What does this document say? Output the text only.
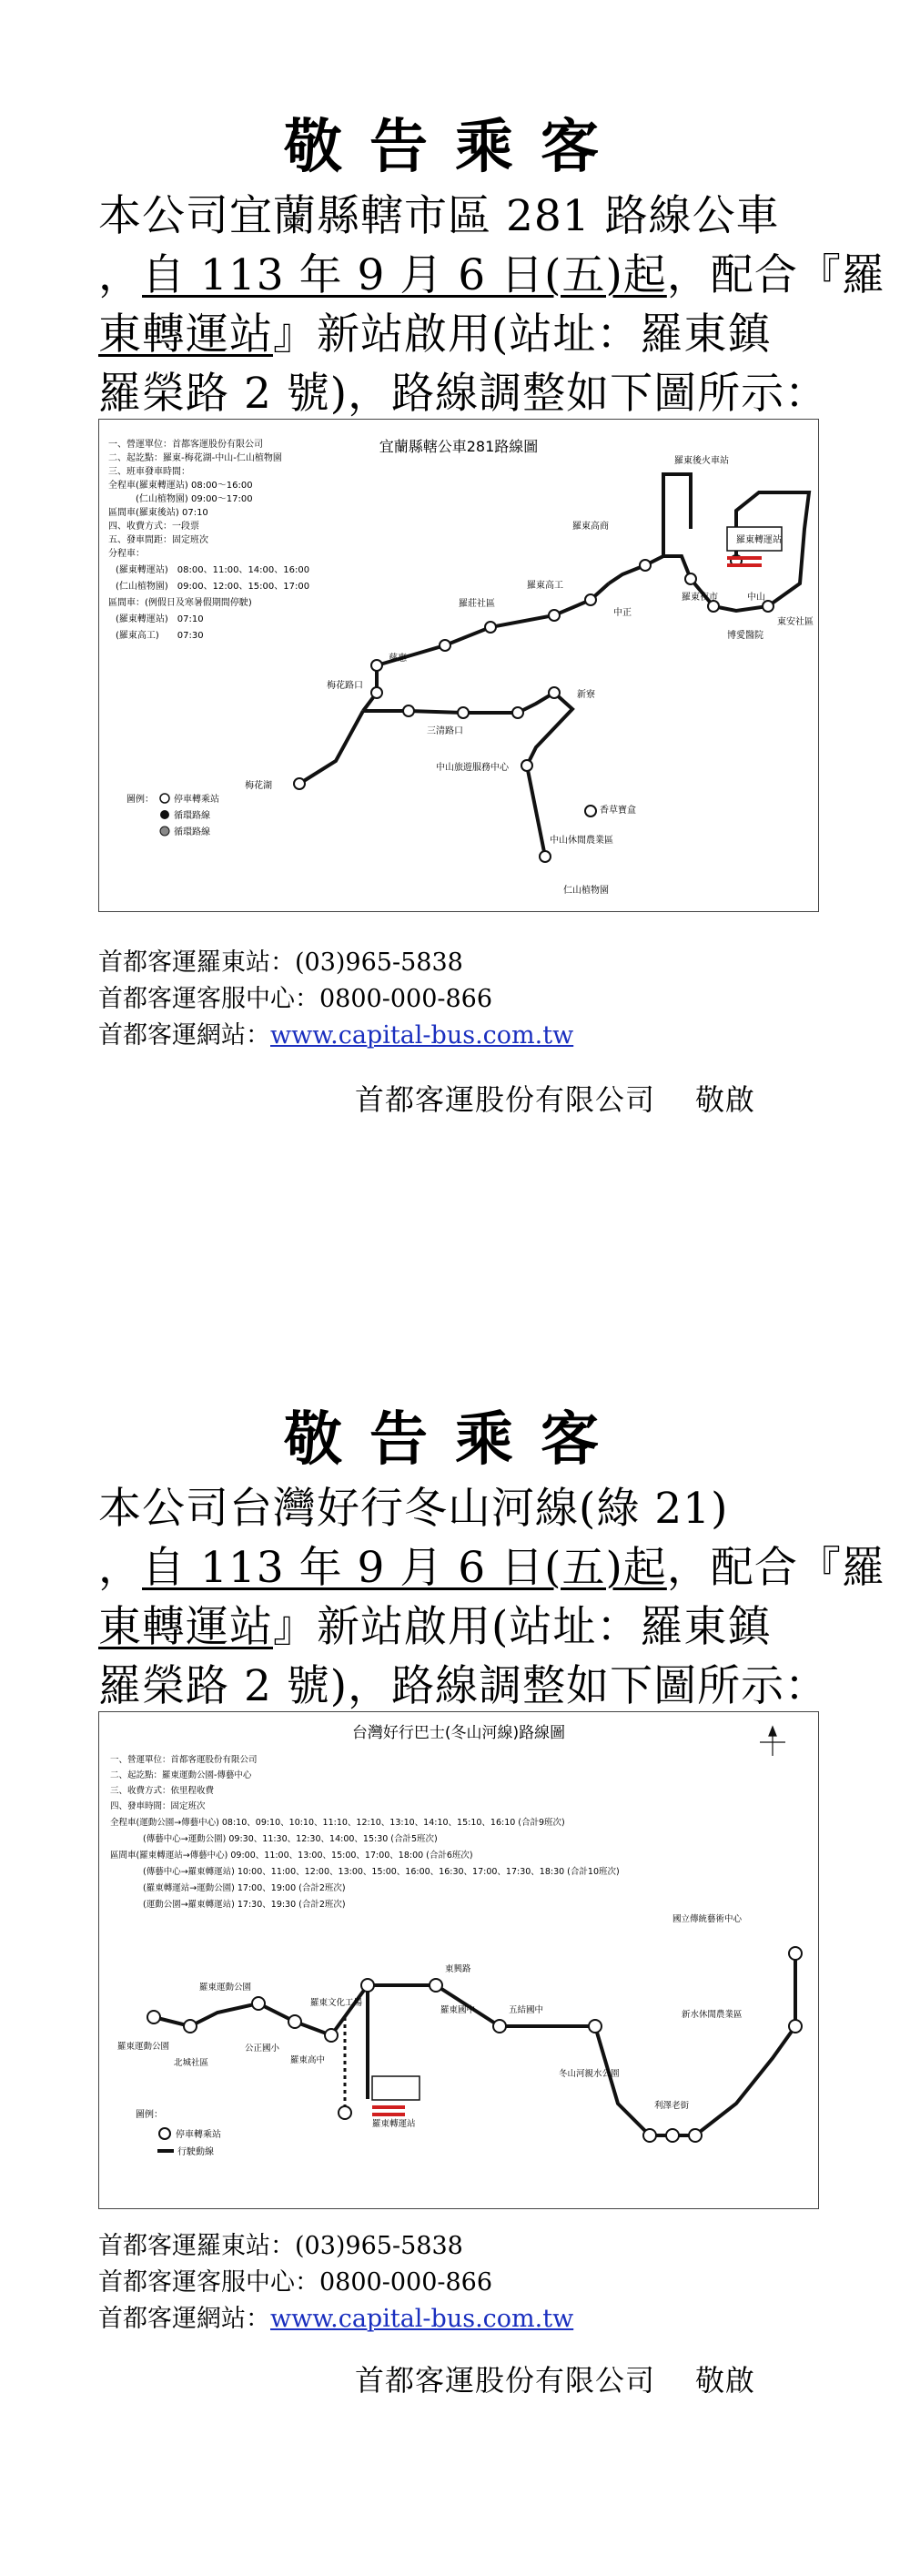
敬告乘客
本公司宜蘭縣轄市區 281 路線公車
，自 113 年 9 月 6 日(五)起，配合『羅
東轉運站』新站啟用(站址：羅東鎮
羅榮路 2 號)，路線調整如下圖所示：
宜蘭縣轄公車281路線圖
一、營運單位：首都客運股份有限公司
二、起訖點：羅東-梅花湖-中山-仁山植物園
三、班車發車時間：
全程車(羅東轉運站) 08:00～16:00
(仁山植物園) 09:00～17:00
區間車(羅東後站) 07:10
四、收費方式：一段票
五、發車間距：固定班次
分程車：
(羅東轉運站)　08:00、11:00、14:00、16:00
(仁山植物園)　09:00、12:00、15:00、17:00
區間車：(例假日及寒暑假期間停駛)
(羅東轉運站)　07:10
(羅東高工)　　07:30
羅東轉運站
羅東後火車站
東安社區
中山
羅東夜市
博愛醫院
羅東高商
中正
羅東高工
羅莊社區
慈惠
梅花路口
梅花湖
三清路口
中山休閒農業區
仁山植物園
中山旅遊服務中心
香草寶盒
新寮
圖例： 停車轉乘站
循環路線
循環路線
首都客運羅東站：(03)965-5838
首都客運客服中心：0800-000-866
首都客運網站：www.capital-bus.com.tw
首都客運股份有限公司 敬啟
敬告乘客
本公司台灣好行冬山河線(綠 21)
，自 113 年 9 月 6 日(五)起，配合『羅
東轉運站』新站啟用(站址：羅東鎮
羅榮路 2 號)，路線調整如下圖所示：
台灣好行巴士(冬山河線)路線圖
一、營運單位：首都客運股份有限公司
二、起訖點：羅東運動公園-傳藝中心
三、收費方式：依里程收費
四、發車時間：固定班次
全程車(運動公園→傳藝中心) 08:10、09:10、10:10、11:10、12:10、13:10、14:10、15:10、16:10 (合計9班次)
(傳藝中心→運動公園) 09:30、11:30、12:30、14:00、15:30 (合計5班次)
區間車(羅東轉運站→傳藝中心) 09:00、11:00、13:00、15:00、17:00、18:00 (合計6班次)
(傳藝中心→羅東轉運站) 10:00、11:00、12:00、13:00、15:00、16:00、16:30、17:00、17:30、18:30 (合計10班次)
(羅東轉運站→運動公園) 17:00、19:00 (合計2班次)
(運動公園→羅東轉運站) 17:30、19:30 (合計2班次)
羅東運動公園
北城社區
羅東運動公園
公正國小
羅東高中
羅東轉運站
羅東文化工場
羅東國中
東興路
五結國中
冬山河親水公園
利澤老街
國立傳統藝術中心
新水休閒農業區
圖例：
停車轉乘站
行駛動線
首都客運羅東站：(03)965-5838
首都客運客服中心：0800-000-866
首都客運網站：www.capital-bus.com.tw
首都客運股份有限公司 敬啟
